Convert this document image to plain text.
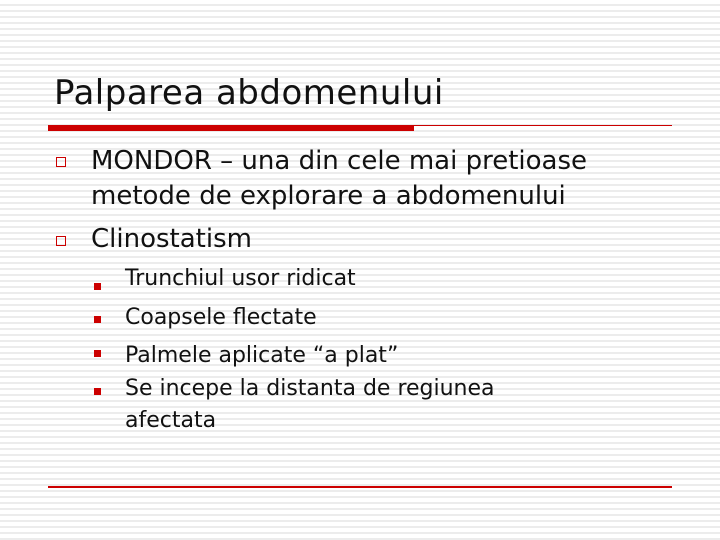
Palparea abdomenului
MONDOR – una din cele mai pretioase
metode de explorare a abdomenului
Clinostatism
Trunchiul usor ridicat
Coapsele flectate
Palmele aplicate “a plat”
Se incepe la distanta de regiunea
afectata
